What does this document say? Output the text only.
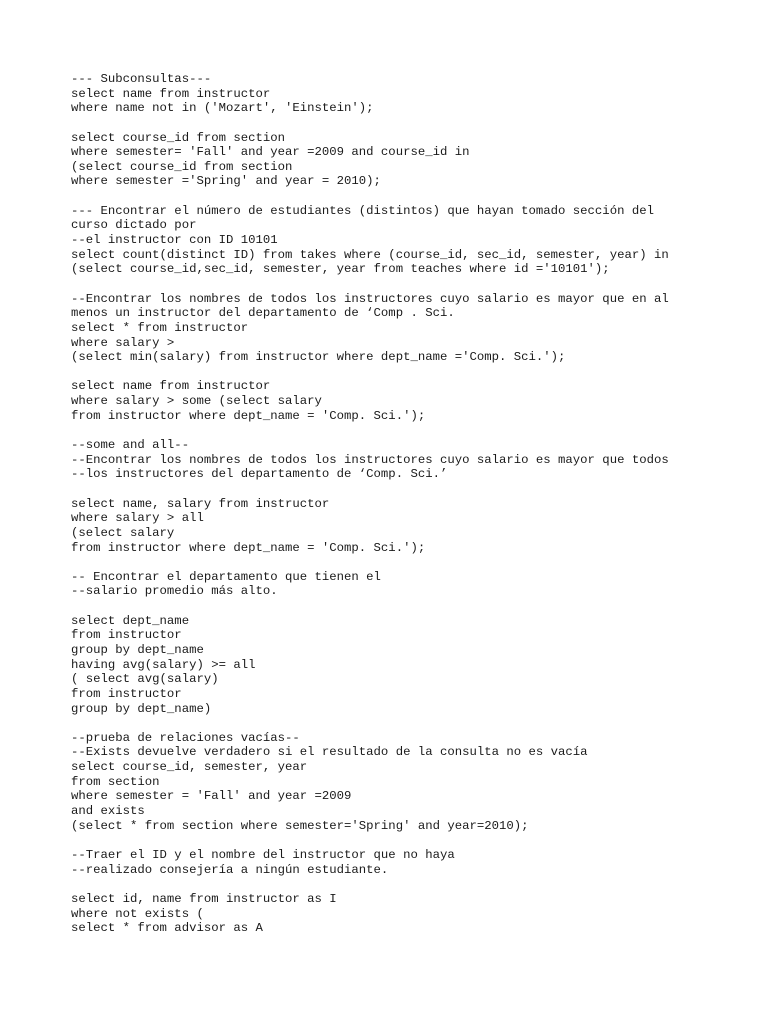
--- Subconsultas---
select name from instructor
where name not in ('Mozart', 'Einstein');
select course_id from section
where semester= 'Fall' and year =2009 and course_id in
(select course_id from section
where semester ='Spring' and year = 2010);
--- Encontrar el número de estudiantes (distintos) que hayan tomado sección del
curso dictado por
--el instructor con ID 10101
select count(distinct ID) from takes where (course_id, sec_id, semester, year) in
(select course_id,sec_id, semester, year from teaches where id ='10101');
--Encontrar los nombres de todos los instructores cuyo salario es mayor que en al
menos un instructor del departamento de ‘Comp . Sci.
select * from instructor
where salary >
(select min(salary) from instructor where dept_name ='Comp. Sci.');
select name from instructor
where salary > some (select salary
from instructor where dept_name = 'Comp. Sci.');
--some and all--
--Encontrar los nombres de todos los instructores cuyo salario es mayor que todos
--los instructores del departamento de ‘Comp. Sci.’
select name, salary from instructor
where salary > all
(select salary
from instructor where dept_name = 'Comp. Sci.');
-- Encontrar el departamento que tienen el
--salario promedio más alto.
select dept_name
from instructor
group by dept_name
having avg(salary) >= all
( select avg(salary)
from instructor
group by dept_name)
--prueba de relaciones vacías--
--Exists devuelve verdadero si el resultado de la consulta no es vacía
select course_id, semester, year
from section
where semester = 'Fall' and year =2009
and exists
(select * from section where semester='Spring' and year=2010);
--Traer el ID y el nombre del instructor que no haya
--realizado consejería a ningún estudiante.
select id, name from instructor as I
where not exists (
select * from advisor as A
